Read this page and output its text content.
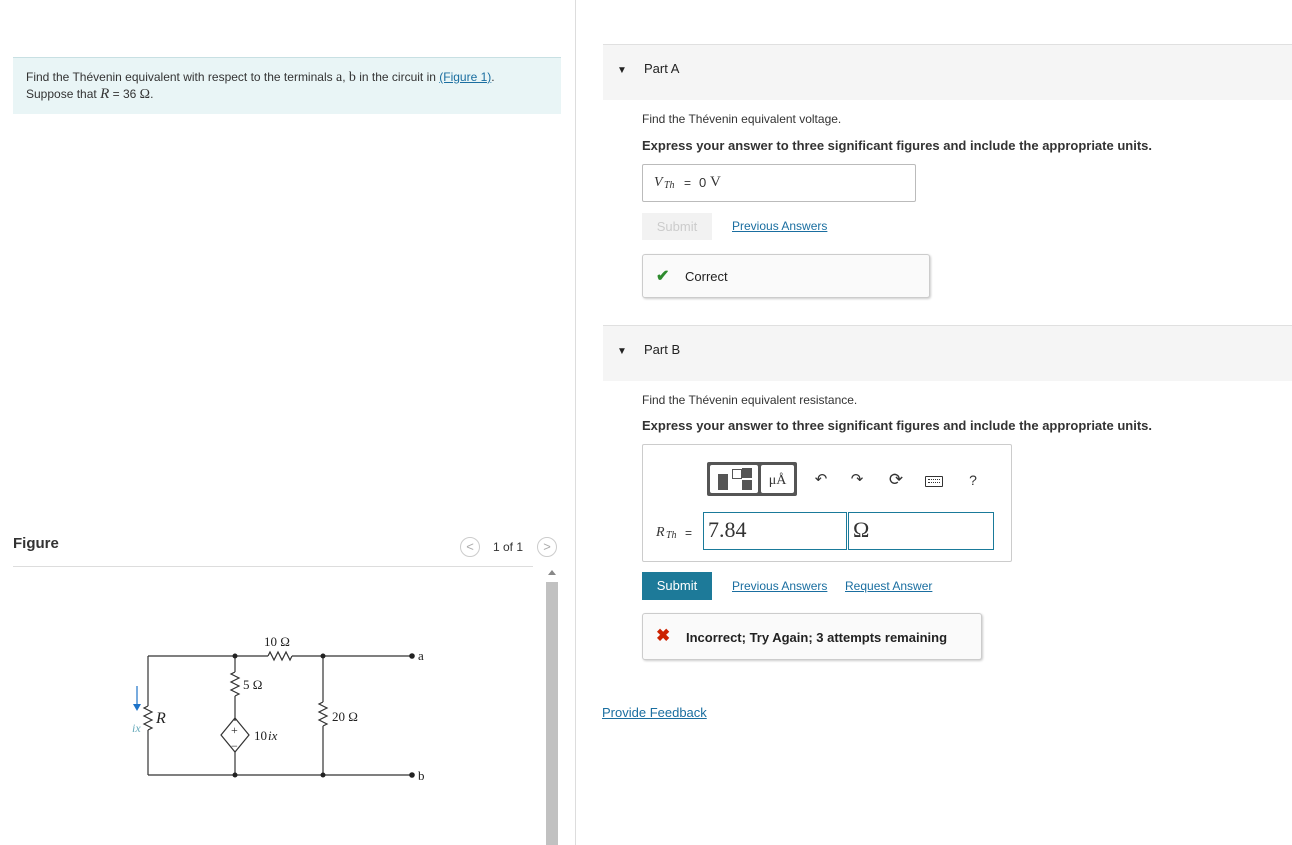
Find the Thévenin equivalent with respect to the terminals a, b in the circuit in (Figure 1).
Suppose that R = 36 Ω.
Figure	<	1 of 1	>
10 Ω
5 Ω
20 Ω
R
ix	10 ix
+
−
a
b
▼ Part A
Find the Thévenin equivalent voltage.
Express your answer to three significant figures and include the appropriate units.
V Th = 0 V
Submit	Previous Answers
✔ Correct
▼ Part B
Find the Thévenin equivalent resistance.
Express your answer to three significant figures and include the appropriate units.
μÅ	↶	↷	⟳	?
R Th = 7.84	Ω
Submit	Previous Answers Request Answer
✖ Incorrect; Try Again; 3 attempts remaining
Provide Feedback
